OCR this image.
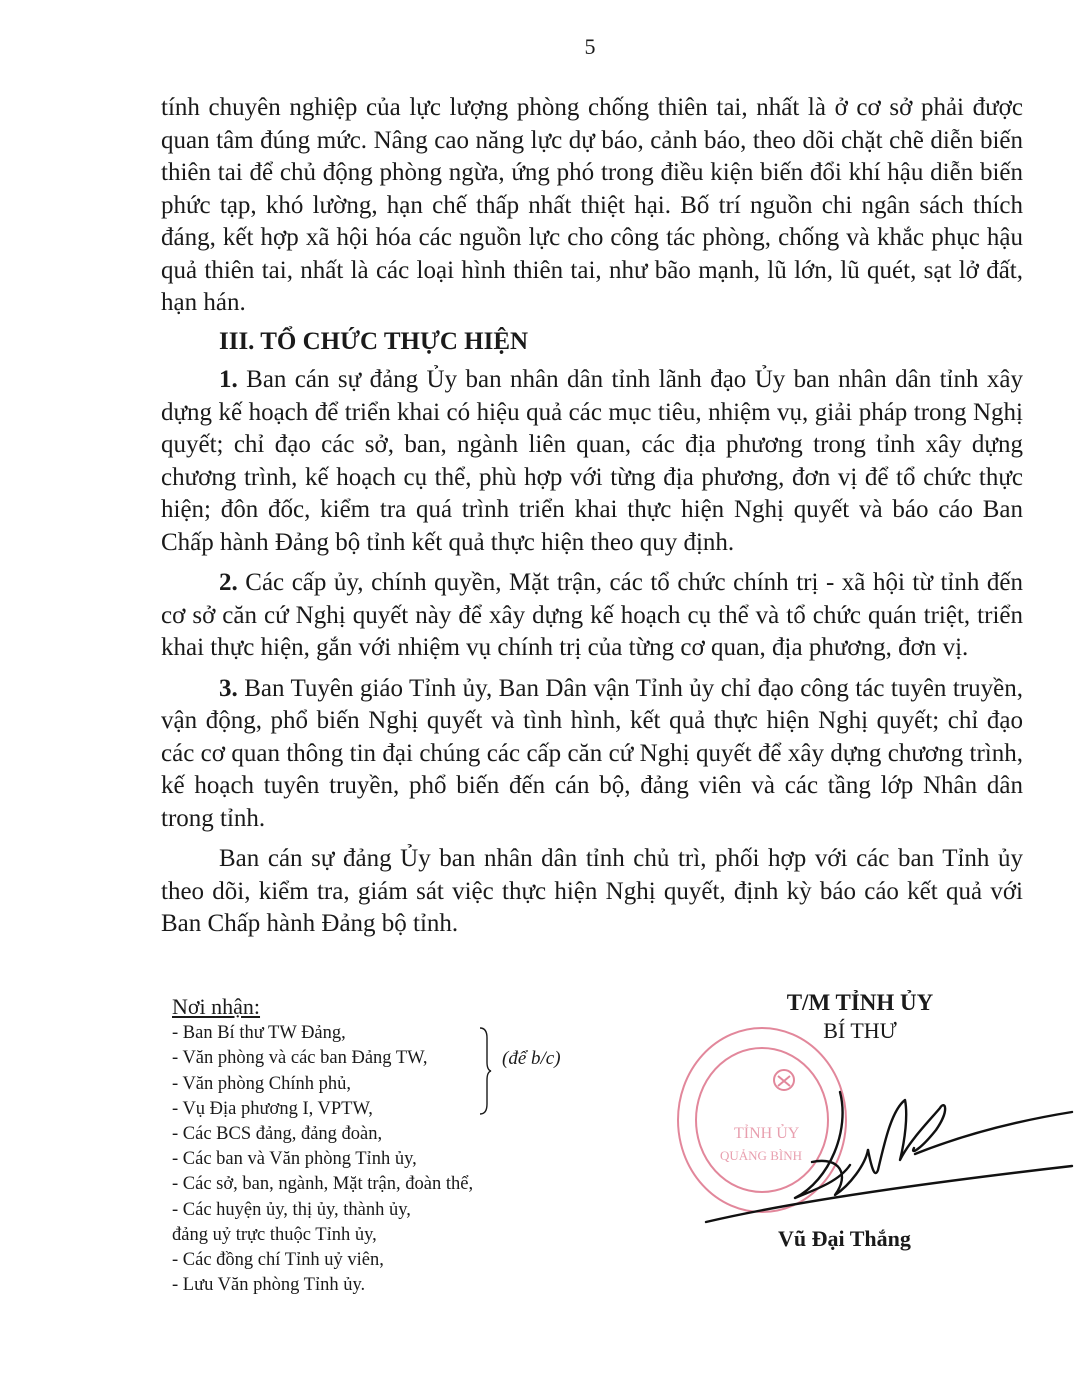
5

tính chuyên nghiệp của lực lượng phòng chống thiên tai, nhất là ở cơ sở phải được quan tâm đúng mức. Nâng cao năng lực dự báo, cảnh báo, theo dõi chặt chẽ diễn biến thiên tai để chủ động phòng ngừa, ứng phó trong điều kiện biến đổi khí hậu diễn biến phức tạp, khó lường, hạn chế thấp nhất thiệt hại. Bố trí nguồn chi ngân sách thích đáng, kết hợp xã hội hóa các nguồn lực cho công tác phòng, chống và khắc phục hậu quả thiên tai, nhất là các loại hình thiên tai, như bão mạnh, lũ lớn, lũ quét, sạt lở đất, hạn hán.

III. TỔ CHỨC THỰC HIỆN

1. Ban cán sự đảng Ủy ban nhân dân tỉnh lãnh đạo Ủy ban nhân dân tỉnh xây dựng kế hoạch để triển khai có hiệu quả các mục tiêu, nhiệm vụ, giải pháp trong Nghị quyết; chỉ đạo các sở, ban, ngành liên quan, các địa phương trong tỉnh xây dựng chương trình, kế hoạch cụ thể, phù hợp với từng địa phương, đơn vị để tổ chức thực hiện; đôn đốc, kiểm tra quá trình triển khai thực hiện Nghị quyết và báo cáo Ban Chấp hành Đảng bộ tỉnh kết quả thực hiện theo quy định.

2. Các cấp ủy, chính quyền, Mặt trận, các tổ chức chính trị - xã hội từ tỉnh đến cơ sở căn cứ Nghị quyết này để xây dựng kế hoạch cụ thể và tổ chức quán triệt, triển khai thực hiện, gắn với nhiệm vụ chính trị của từng cơ quan, địa phương, đơn vị.

3. Ban Tuyên giáo Tỉnh ủy, Ban Dân vận Tỉnh ủy chỉ đạo công tác tuyên truyền, vận động, phổ biến Nghị quyết và tình hình, kết quả thực hiện Nghị quyết; chỉ đạo các cơ quan thông tin đại chúng các cấp căn cứ Nghị quyết để xây dựng chương trình, kế hoạch tuyên truyền, phổ biến đến cán bộ, đảng viên và các tầng lớp Nhân dân trong tỉnh.

Ban cán sự đảng Ủy ban nhân dân tỉnh chủ trì, phối hợp với các ban Tỉnh ủy theo dõi, kiểm tra, giám sát việc thực hiện Nghị quyết, định kỳ báo cáo kết quả với Ban Chấp hành Đảng bộ tỉnh.

Nơi nhận:
- Ban Bí thư TW Đảng,
- Văn phòng và các ban Đảng TW,
- Văn phòng Chính phủ,
- Vụ Địa phương I, VPTW,
- Các BCS đảng, đảng đoàn,
- Các ban và Văn phòng Tỉnh ủy,
- Các sở, ban, ngành, Mặt trận, đoàn thể,
- Các huyện ủy, thị ủy, thành ủy,
đảng uỷ trực thuộc Tỉnh ủy,
- Các đồng chí Tỉnh uỷ viên,
- Lưu Văn phòng Tỉnh ủy.
(để b/c)
TỈNH ỦY
QUẢNG BÌNH
T/M TỈNH ỦY
BÍ THƯ
Vũ Đại Thắng
